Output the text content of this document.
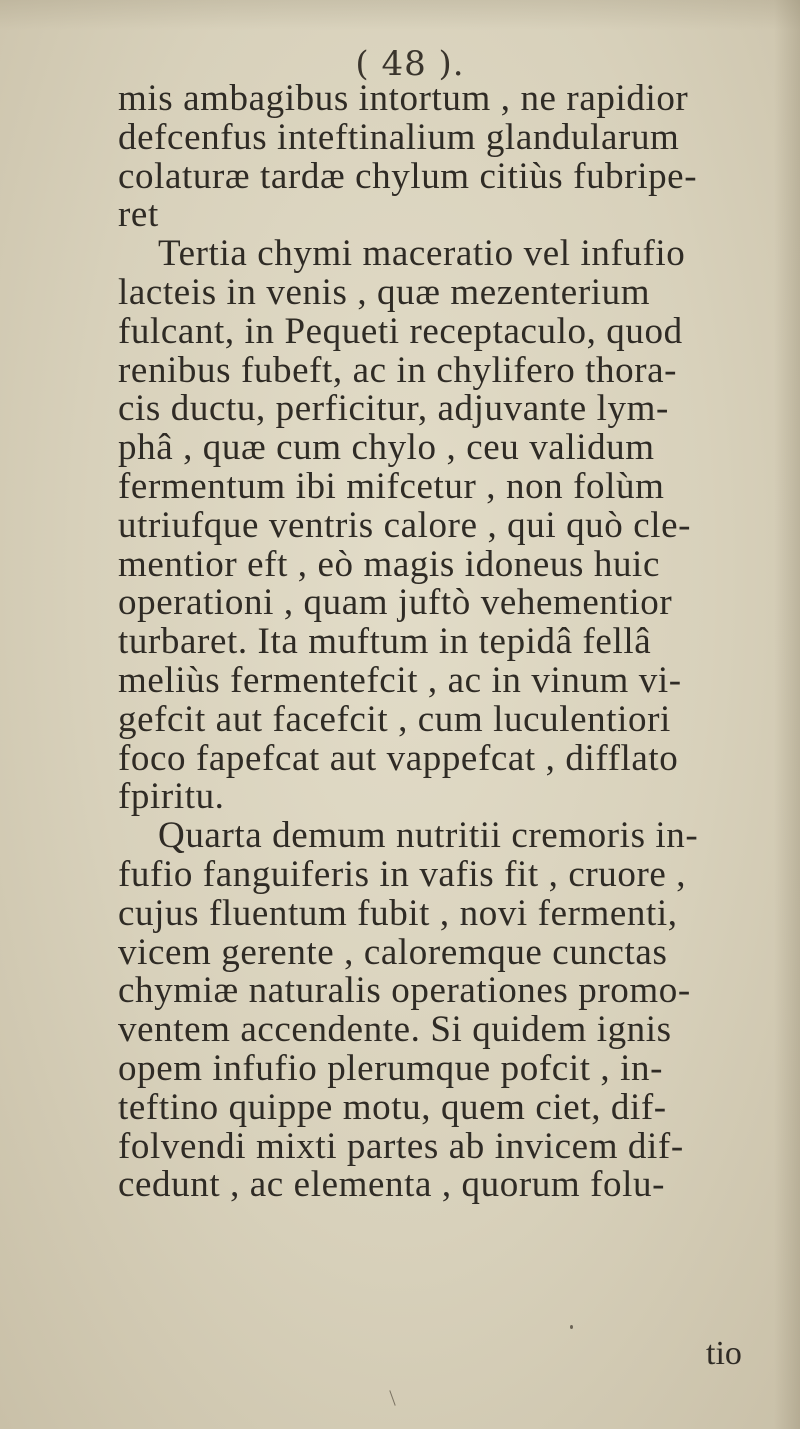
( 48 ).
mis ambagibus intortum , ne rapidior
defcenfus inteftinalium glandularum
colaturæ tardæ chylum citiùs fubripe-
ret
Tertia chymi maceratio vel infufio
lacteis in venis , quæ mezenterium
fulcant, in Pequeti receptaculo, quod
renibus fubeft, ac in chylifero thora-
cis ductu, perficitur, adjuvante lym-
phâ , quæ cum chylo , ceu validum
fermentum ibi mifcetur , non folùm
utriufque ventris calore , qui quò cle-
mentior eft , eò magis idoneus huic
operationi , quam juftò vehementior
turbaret. Ita muftum in tepidâ fellâ
meliùs fermentefcit , ac in vinum vi-
gefcit aut facefcit , cum luculentiori
foco fapefcat aut vappefcat , difflato
fpiritu.
Quarta demum nutritii cremoris in-
fufio fanguiferis in vafis fit , cruore ,
cujus fluentum fubit , novi fermenti,
vicem gerente , caloremque cunctas
chymiæ naturalis operationes promo-
ventem accendente. Si quidem ignis
opem infufio plerumque pofcit , in-
teftino quippe motu, quem ciet, dif-
folvendi mixti partes ab invicem dif-
cedunt , ac elementa , quorum folu-
tio
